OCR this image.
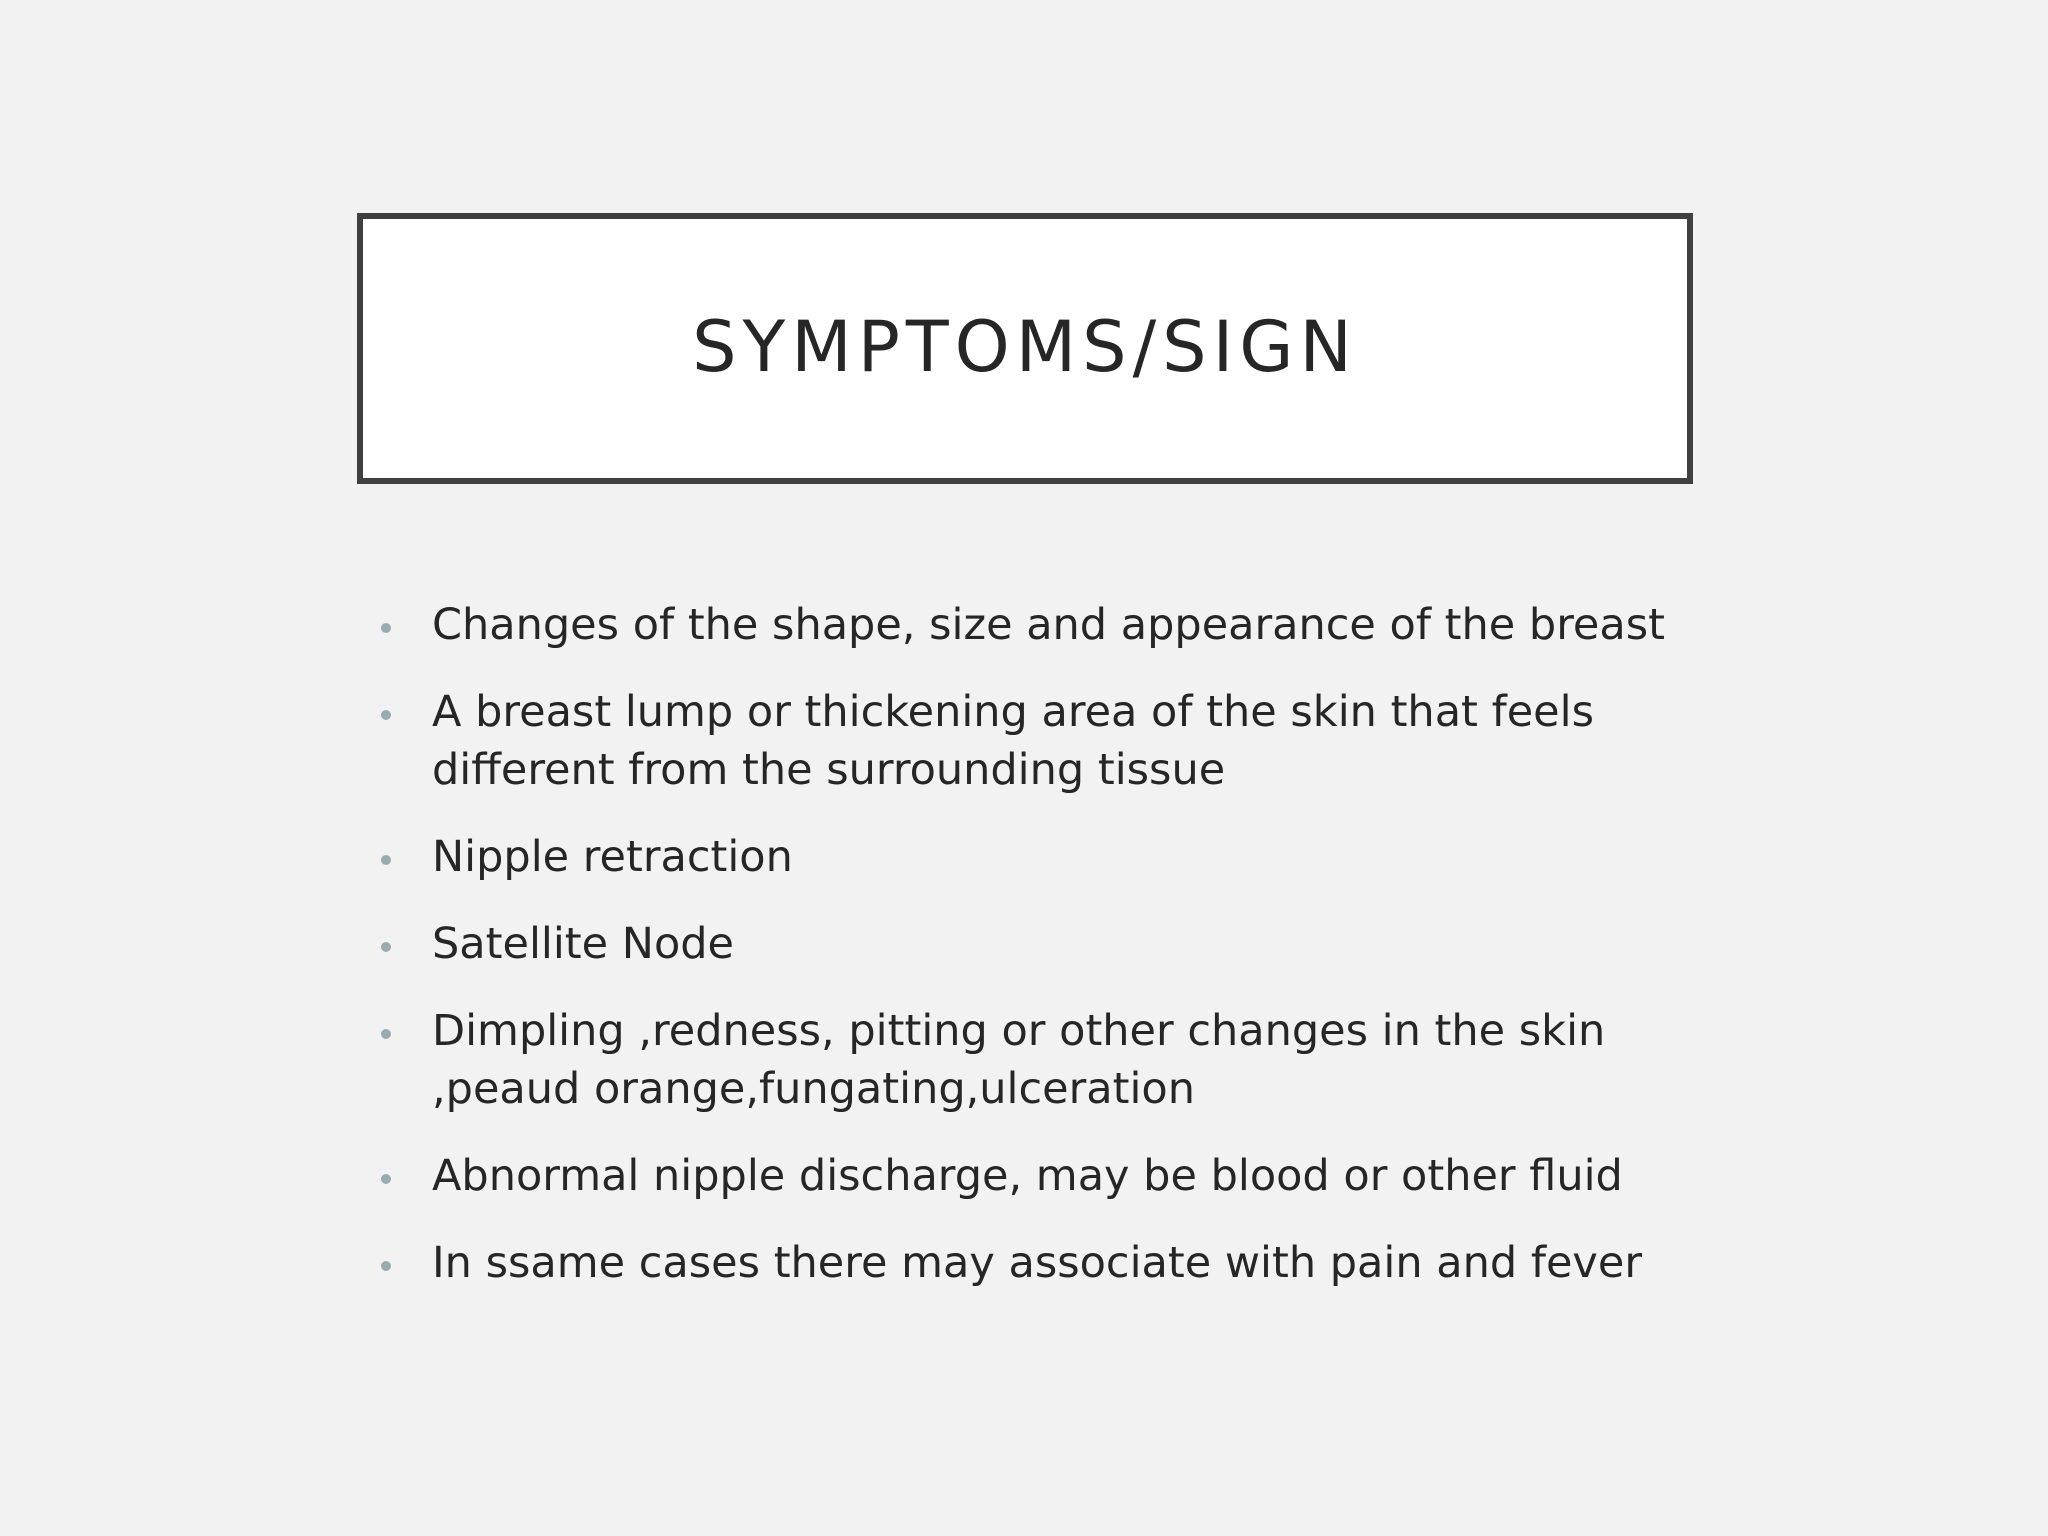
SYMPTOMS/SIGN
Changes of the shape, size and appearance of the breast
A breast lump or thickening area of the skin that feels
different from the surrounding tissue
Nipple retraction
Satellite Node
Dimpling ,redness, pitting or other changes in the skin
,peaud orange,fungating,ulceration
Abnormal nipple discharge, may be blood or other fluid
In ssame cases there may associate with pain and fever
